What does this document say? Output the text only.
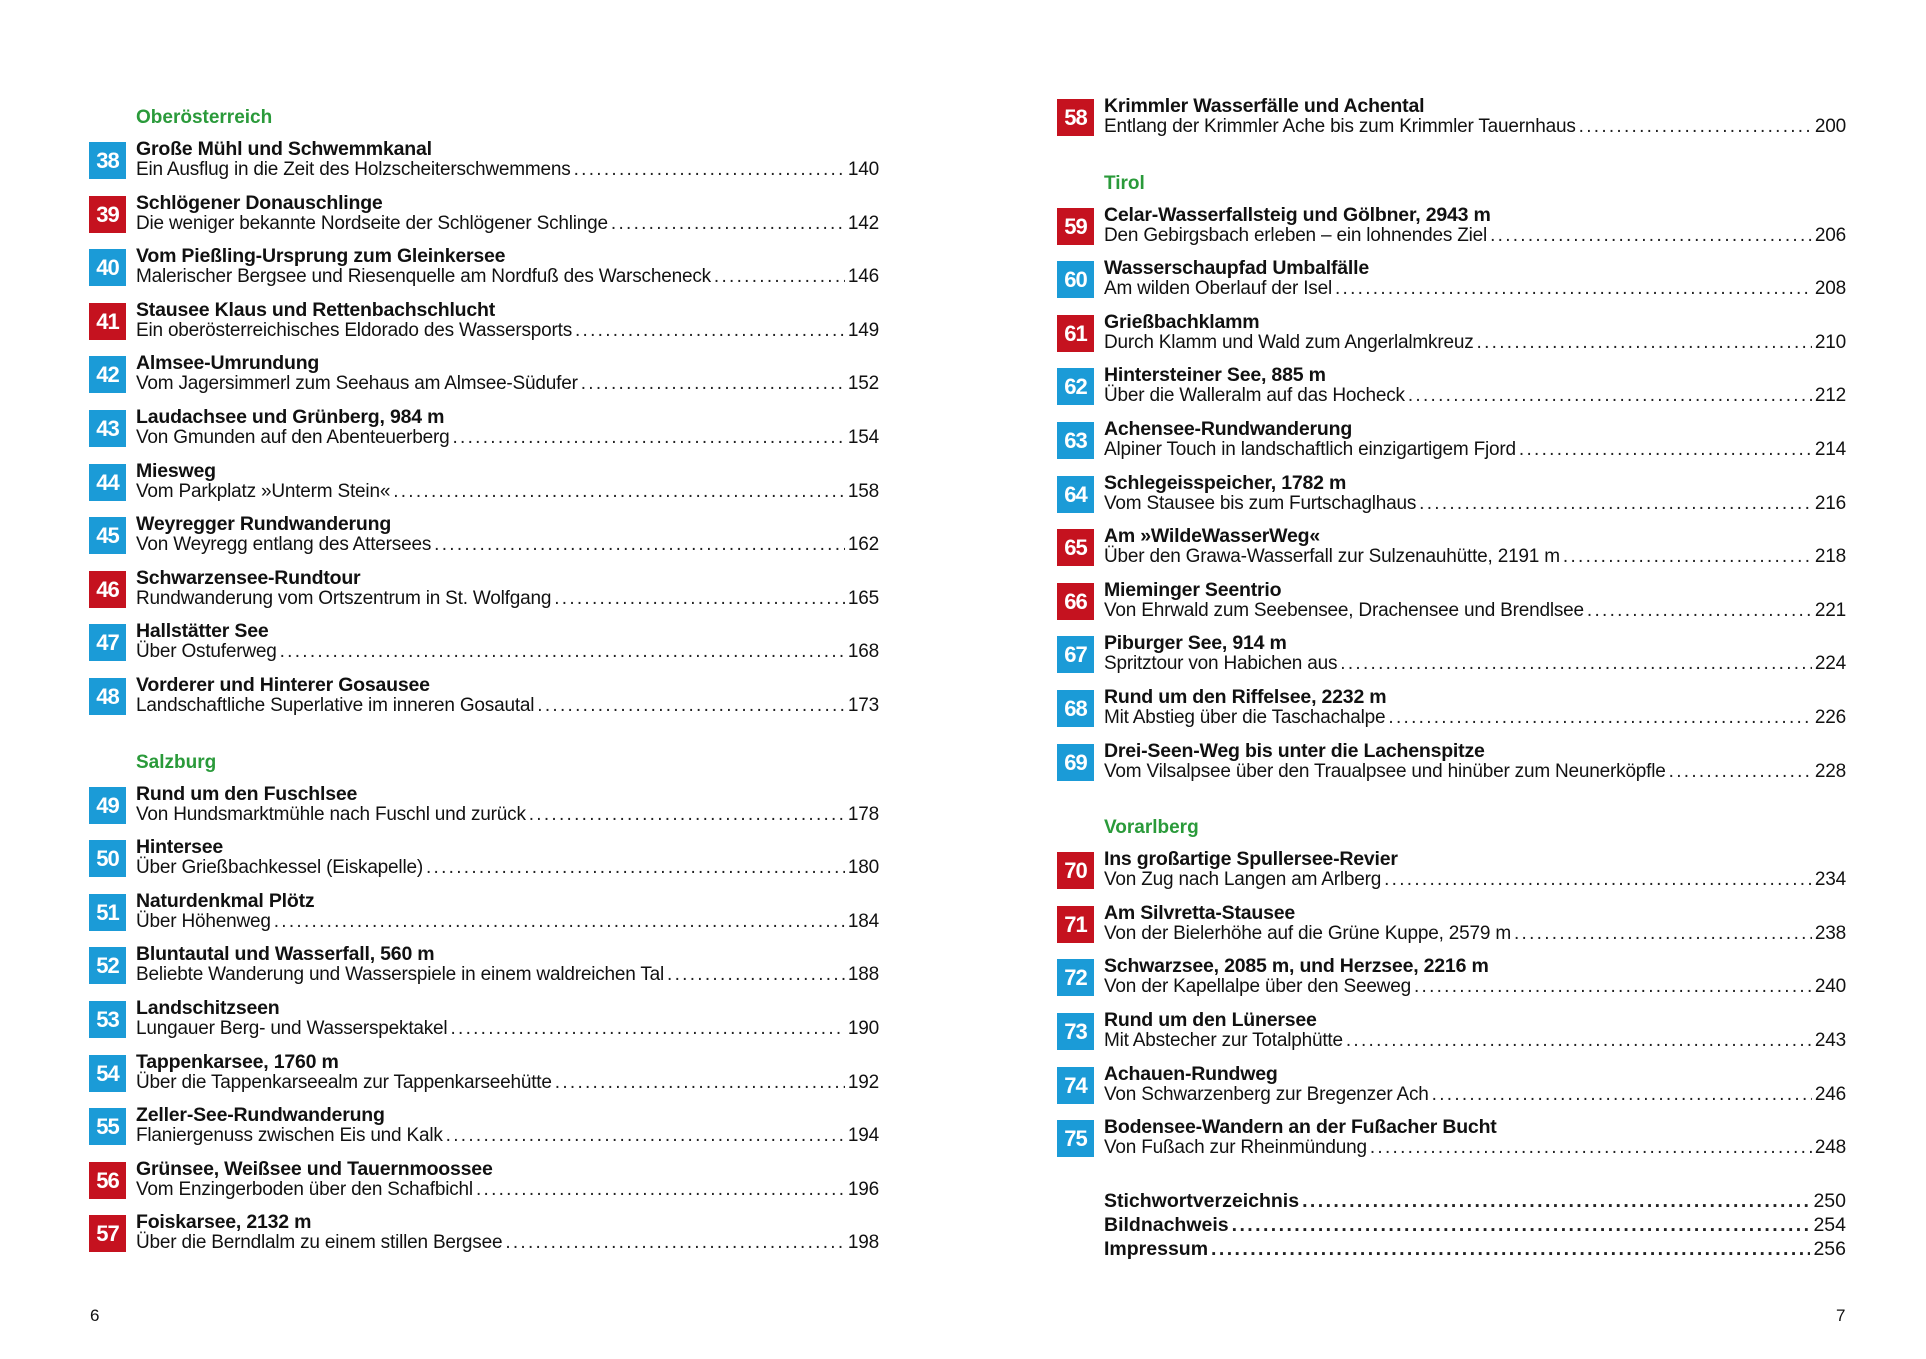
Oberösterreich
38 Große Mühl und Schwemmkanal
Ein Ausflug in die Zeit des Holzscheiterschwemmens . . .	140
39 Schlögener Donauschlinge
Die weniger bekannte Nordseite der Schlögener Schlinge . . .	142
40 Vom Pießling-Ursprung zum Gleinkersee
Malerischer Bergsee und Riesenquelle am Nordfuß des Warscheneck . . .	146
41 Stausee Klaus und Rettenbachschlucht
Ein oberösterreichisches Eldorado des Wassersports . . .	149
42 Almsee-Umrundung
Vom Jagersimmerl zum Seehaus am Almsee-Südufer . . .	152
43 Laudachsee und Grünberg, 984 m
Von Gmunden auf den Abenteuerberg . . .	154
44 Miesweg
Vom Parkplatz »Unterm Stein« . . .	158
45 Weyregger Rundwanderung
Von Weyregg entlang des Attersees . . .	162
46 Schwarzensee-Rundtour
Rundwanderung vom Ortszentrum in St. Wolfgang . . .	165
47 Hallstätter See
Über Ostuferweg . . .	168
48 Vorderer und Hinterer Gosausee
Landschaftliche Superlative im inneren Gosautal . . .	173
Salzburg
49 Rund um den Fuschlsee
Von Hundsmarktmühle nach Fuschl und zurück . . .	178
50 Hintersee
Über Grießbachkessel (Eiskapelle) . . .	180
51 Naturdenkmal Plötz
Über Höhenweg . . .	184
52 Bluntautal und Wasserfall, 560 m
Beliebte Wanderung und Wasserspiele in einem waldreichen Tal . . .	188
53 Landschitzseen
Lungauer Berg- und Wasserspektakel . . .	190
54 Tappenkarsee, 1760 m
Über die Tappenkarseealm zur Tappenkarseehütte . . .	192
55 Zeller-See-Rundwanderung
Flaniergenuss zwischen Eis und Kalk . . .	194
56 Grünsee, Weißsee und Tauernmoossee
Vom Enzingerboden über den Schafbichl . . .	196
57 Foiskarsee, 2132 m
Über die Berndlalm zu einem stillen Bergsee . . .	198
58 Krimmler Wasserfälle und Achental
Entlang der Krimmler Ache bis zum Krimmler Tauernhaus . . .	200
Tirol
59 Celar-Wasserfallsteig und Gölbner, 2943 m
Den Gebirgsbach erleben – ein lohnendes Ziel . . .	206
60 Wasserschaupfad Umbalfälle
Am wilden Oberlauf der Isel . . .	208
61 Grießbachklamm
Durch Klamm und Wald zum Angerlalmkreuz . . .	210
62 Hintersteiner See, 885 m
Über die Walleralm auf das Hocheck . . .	212
63 Achensee-Rundwanderung
Alpiner Touch in landschaftlich einzigartigem Fjord . . .	214
64 Schlegeisspeicher, 1782 m
Vom Stausee bis zum Furtschaglhaus . . .	216
65 Am »WildeWasserWeg«
Über den Grawa-Wasserfall zur Sulzenauhütte, 2191 m . . .	218
66 Mieminger Seentrio
Von Ehrwald zum Seebensee, Drachensee und Brendlsee . . .	221
67 Piburger See, 914 m
Spritztour von Habichen aus . . .	224
68 Rund um den Riffelsee, 2232 m
Mit Abstieg über die Taschachalpe . . .	226
69 Drei-Seen-Weg bis unter die Lachenspitze
Vom Vilsalpsee über den Traualpsee und hinüber zum Neunerköpfle . . .	228
Vorarlberg
70 Ins großartige Spullersee-Revier
Von Zug nach Langen am Arlberg . . .	234
71 Am Silvretta-Stausee
Von der Bielerhöhe auf die Grüne Kuppe, 2579 m . . .	238
72 Schwarzsee, 2085 m, und Herzsee, 2216 m
Von der Kapellalpe über den Seeweg . . .	240
73 Rund um den Lünersee
Mit Abstecher zur Totalphütte . . .	243
74 Achauen-Rundweg
Von Schwarzenberg zur Bregenzer Ach . . .	246
75 Bodensee-Wandern an der Fußacher Bucht
Von Fußach zur Rheinmündung . . .	248
Stichwortverzeichnis . . .	250
Bildnachweis . . .	254
Impressum . . .	256
6	7
